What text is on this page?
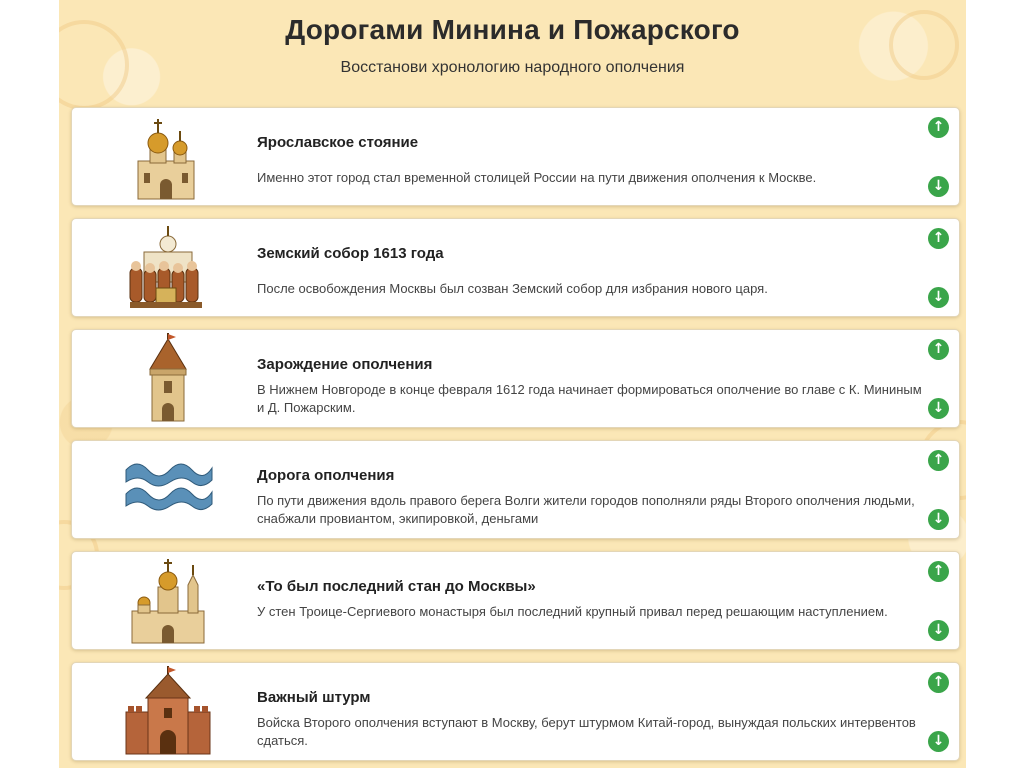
Дорогами Минина и Пожарского
Восстанови хронологию народного ополчения
Ярославское стояние
Именно этот город стал временной столицей России на пути движения ополчения к Москве.
↑
↓
Земский собор 1613 года
После освобождения Москвы был созван Земский собор для избрания нового царя.
↑
↓
Зарождение ополчения
В Нижнем Новгороде в конце февраля 1612 года начинает формироваться ополчение во главе с К. Мининым и Д. Пожарским.
↑
↓
Дорога ополчения
По пути движения вдоль правого берега Волги жители городов пополняли ряды Второго ополчения людьми, снабжали провиантом, экипировкой, деньгами
↑
↓
«То был последний стан до Москвы»
У стен Троице-Сергиевого монастыря был последний крупный привал перед решающим наступлением.
↑
↓
Важный штурм
Войска Второго ополчения вступают в Москву, берут штурмом Китай-город, вынуждая польских интервентов сдаться.
↑
↓
